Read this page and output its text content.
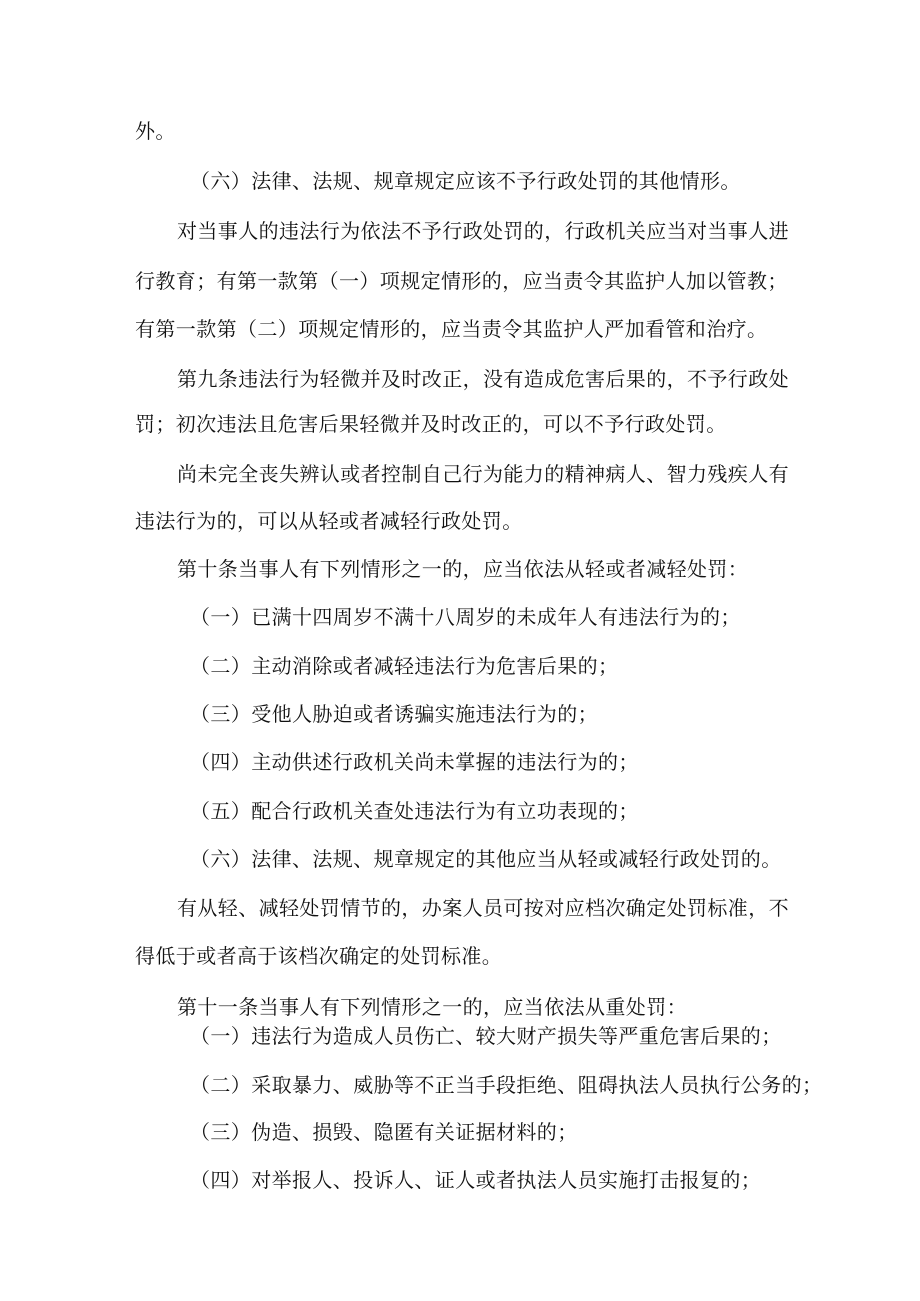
外。
（六）法律、法规、规章规定应该不予行政处罚的其他情形。
对当事人的违法行为依法不予行政处罚的，行政机关应当对当事人进
行教育；有第一款第（一）项规定情形的，应当责令其监护人加以管教；
有第一款第（二）项规定情形的，应当责令其监护人严加看管和治疗。
第九条违法行为轻微并及时改正，没有造成危害后果的，不予行政处
罚；初次违法且危害后果轻微并及时改正的，可以不予行政处罚。
尚未完全丧失辨认或者控制自己行为能力的精神病人、智力残疾人有
违法行为的，可以从轻或者减轻行政处罚。
第十条当事人有下列情形之一的，应当依法从轻或者减轻处罚：
（一）已满十四周岁不满十八周岁的未成年人有违法行为的；
（二）主动消除或者减轻违法行为危害后果的；
（三）受他人胁迫或者诱骗实施违法行为的；
（四）主动供述行政机关尚未掌握的违法行为的；
（五）配合行政机关查处违法行为有立功表现的；
（六）法律、法规、规章规定的其他应当从轻或减轻行政处罚的。
有从轻、减轻处罚情节的，办案人员可按对应档次确定处罚标准，不
得低于或者高于该档次确定的处罚标准。
第十一条当事人有下列情形之一的，应当依法从重处罚：
（一）违法行为造成人员伤亡、较大财产损失等严重危害后果的；
（二）采取暴力、威胁等不正当手段拒绝、阻碍执法人员执行公务的；
（三）伪造、损毁、隐匿有关证据材料的；
（四）对举报人、投诉人、证人或者执法人员实施打击报复的；
